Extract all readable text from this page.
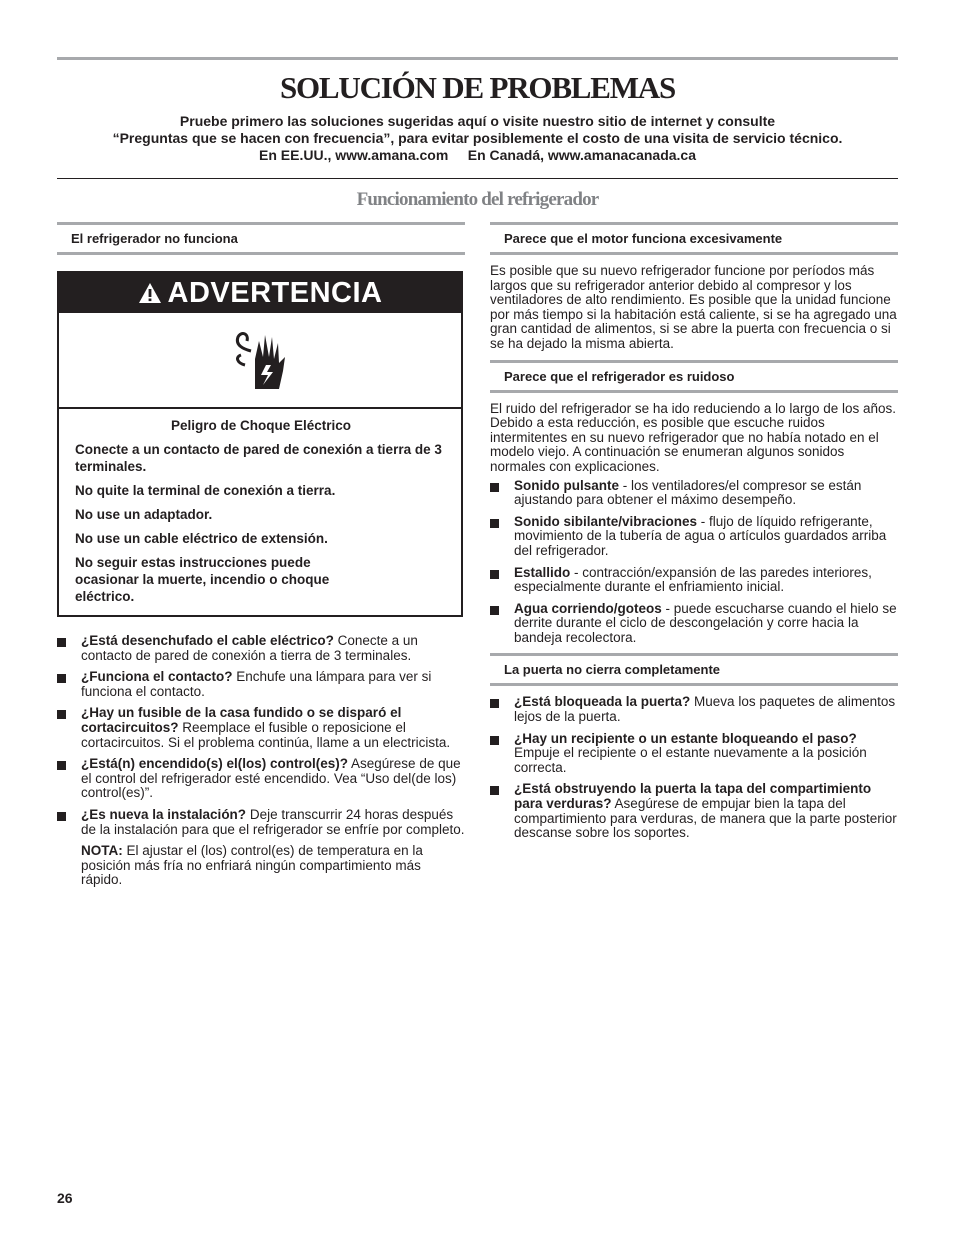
SOLUCIÓN DE PROBLEMAS
Pruebe primero las soluciones sugeridas aquí o visite nuestro sitio de internet y consulte
“Preguntas que se hacen con frecuencia”, para evitar posiblemente el costo de una visita de servicio técnico.
En EE.UU., www.amana.com     En Canadá, www.amanacanada.ca
Funcionamiento del refrigerador
El refrigerador no funciona
ADVERTENCIA

Peligro de Choque Eléctrico

Conecte a un contacto de pared de conexión a tierra de 3 terminales.

No quite la terminal de conexión a tierra.

No use un adaptador.

No use un cable eléctrico de extensión.

No seguir estas instrucciones puede ocasionar la muerte, incendio o choque eléctrico.

¿Está desenchufado el cable eléctrico? Conecte a un contacto de pared de conexión a tierra de 3 terminales.
¿Funciona el contacto? Enchufe una lámpara para ver si funciona el contacto.
¿Hay un fusible de la casa fundido o se disparó el cortacircuitos? Reemplace el fusible o reposicione el cortacircuitos. Si el problema continúa, llame a un electricista.
¿Está(n) encendido(s) el(los) control(es)? Asegúrese de que el control del refrigerador esté encendido. Vea “Uso del(de los) control(es)”.
¿Es nueva la instalación? Deje transcurrir 24 horas después de la instalación para que el refrigerador se enfríe por completo.
NOTA: El ajustar el (los) control(es) de temperatura en la posición más fría no enfriará ningún compartimiento más rápido.
Parece que el motor funciona excesivamente

Es posible que su nuevo refrigerador funcione por períodos más largos que su refrigerador anterior debido al compresor y los ventiladores de alto rendimiento. Es posible que la unidad funcione por más tiempo si la habitación está caliente, si se ha agregado una gran cantidad de alimentos, si se abre la puerta con frecuencia o si se ha dejado la misma abierta.

Parece que el refrigerador es ruidoso

El ruido del refrigerador se ha ido reduciendo a lo largo de los años. Debido a esta reducción, es posible que escuche ruidos intermitentes en su nuevo refrigerador que no había notado en el modelo viejo. A continuación se enumeran algunos sonidos normales con explicaciones.

Sonido pulsante - los ventiladores/el compresor se están ajustando para obtener el máximo desempeño.
Sonido sibilante/vibraciones - flujo de líquido refrigerante, movimiento de la tubería de agua o artículos guardados arriba del refrigerador.
Estallido - contracción/expansión de las paredes interiores, especialmente durante el enfriamiento inicial.
Agua corriendo/goteos - puede escucharse cuando el hielo se derrite durante el ciclo de descongelación y corre hacia la bandeja recolectora.
La puerta no cierra completamente
¿Está bloqueada la puerta? Mueva los paquetes de alimentos lejos de la puerta.
¿Hay un recipiente o un estante bloqueando el paso? Empuje el recipiente o el estante nuevamente a la posición correcta.
¿Está obstruyendo la puerta la tapa del compartimiento para verduras? Asegúrese de empujar bien la tapa del compartimiento para verduras, de manera que la parte posterior descanse sobre los soportes.
26
